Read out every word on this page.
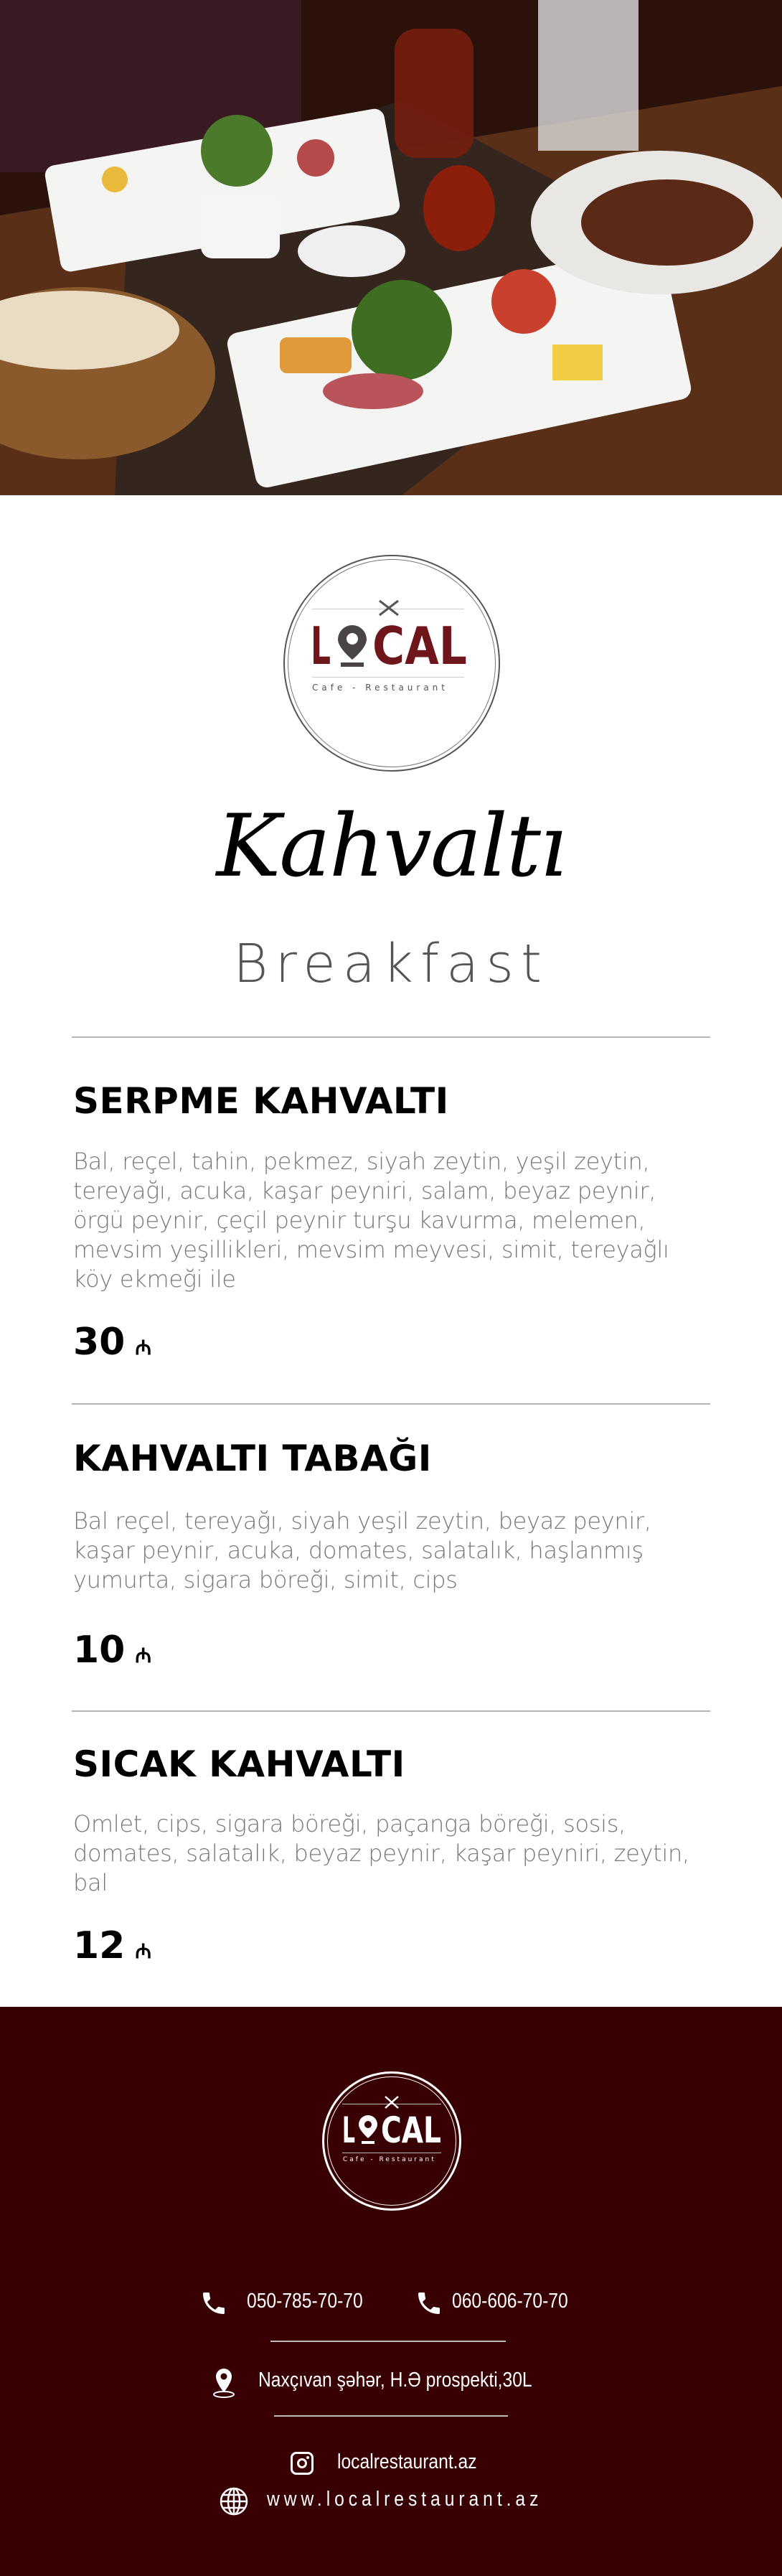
L CAL
Cafe - Restaurant
Kahvaltı
Breakfast
SERPME KAHVALTI
Bal, reçel, tahin, pekmez, siyah zeytin, yeşil zeytin, tereyağı, acuka, kaşar peyniri, salam, beyaz peynir, örgü peynir, çeçil peynir turşu kavurma, melemen, mevsim yeşillikleri, mevsim meyvesi, simit, tereyağlı köy ekmeği ile
30 ₼
KAHVALTI TABAĞI
Bal reçel, tereyağı, siyah yeşil zeytin, beyaz peynir, kaşar peynir, acuka, domates, salatalık, haşlanmış yumurta, sigara böreği, simit, cips
10 ₼
SICAK KAHVALTI
Omlet, cips, sigara böreği, paçanga böreği, sosis, domates, salatalık, beyaz peynir, kaşar peyniri, zeytin, bal
12 ₼
L CAL
Cafe - Restaurant
050-785-70-70	060-606-70-70
Naxçıvan şəhər, H.Ə prospekti,30L
localrestaurant.az
www.localrestaurant.az
